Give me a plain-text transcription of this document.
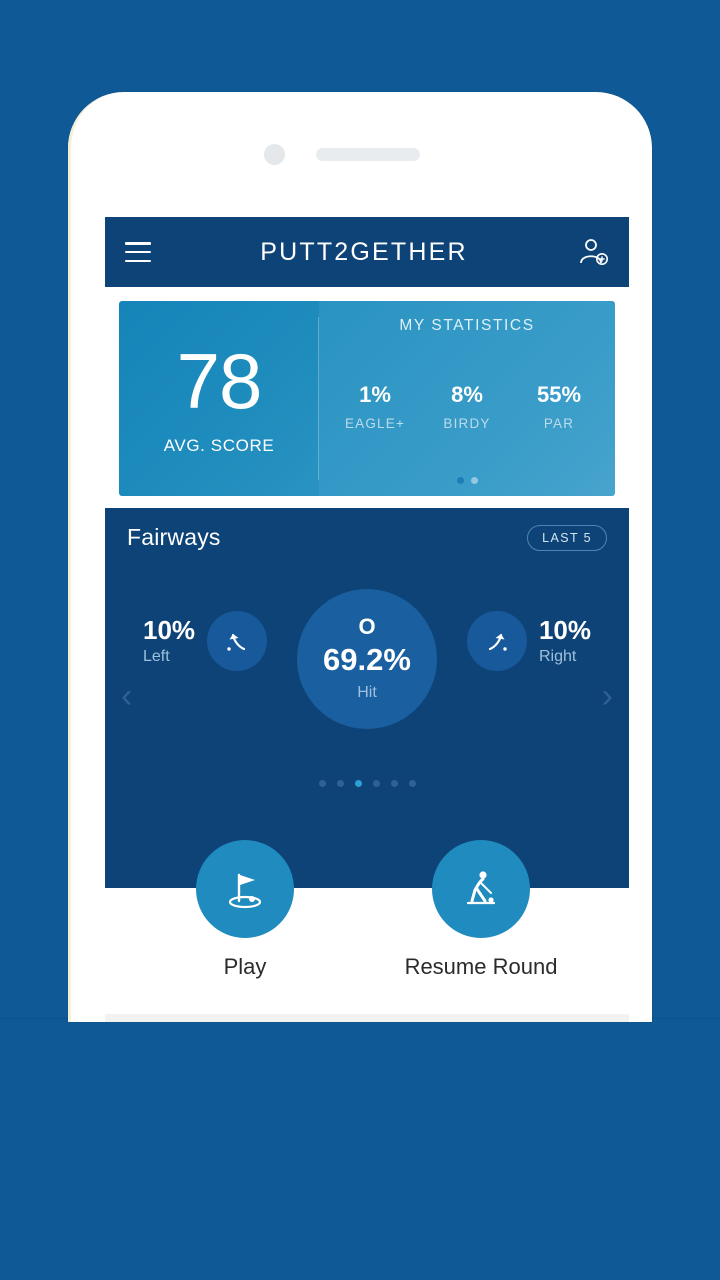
PUTT2GETHER
78
AVG. SCORE
MY STATISTICS
1%
EAGLE+
8%
BIRDY
55%
PAR
Fairways	LAST 5
‹	›
10%
Left
10%
Right
O
69.2%
Hit
Play	Resume Round
